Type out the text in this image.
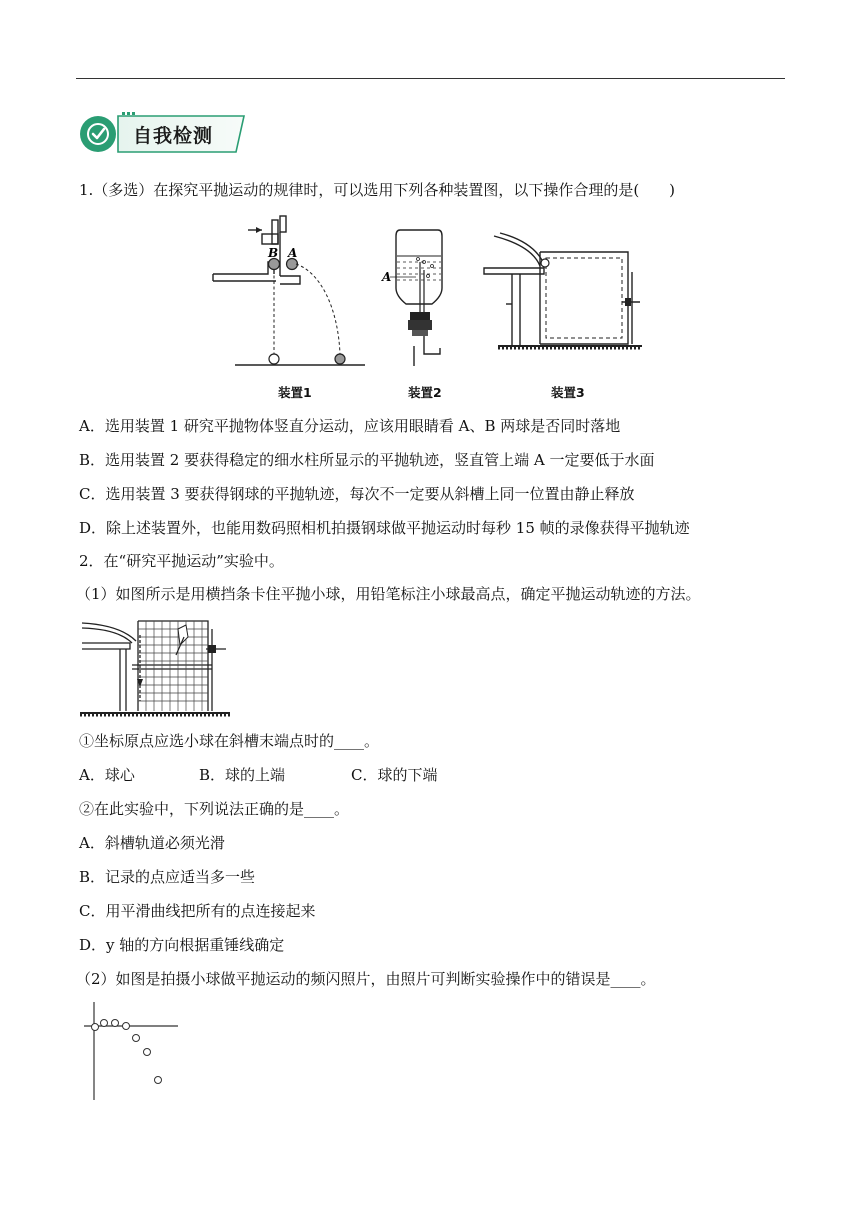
自我检测
1.（多选）在探究平抛运动的规律时，可以选用下列各种装置图，以下操作合理的是(　　)
B A
装置1
A
装置2	装置3
A．选用装置 1 研究平抛物体竖直分运动，应该用眼睛看 A、B 两球是否同时落地
B．选用装置 2 要获得稳定的细水柱所显示的平抛轨迹，竖直管上端 A 一定要低于水面
C．选用装置 3 要获得钢球的平抛轨迹，每次不一定要从斜槽上同一位置由静止释放
D．除上述装置外，也能用数码照相机拍摄钢球做平抛运动时每秒 15 帧的录像获得平抛轨迹
2．在“研究平抛运动”实验中。
（1）如图所示是用横挡条卡住平抛小球，用铅笔标注小球最高点，确定平抛运动轨迹的方法。
①坐标原点应选小球在斜槽末端点时的____。
A．球心	B．球的上端	C．球的下端
②在此实验中，下列说法正确的是____。
A．斜槽轨道必须光滑
B．记录的点应适当多一些
C．用平滑曲线把所有的点连接起来
D．y 轴的方向根据重锤线确定
（2）如图是拍摄小球做平抛运动的频闪照片，由照片可判断实验操作中的错误是____。
